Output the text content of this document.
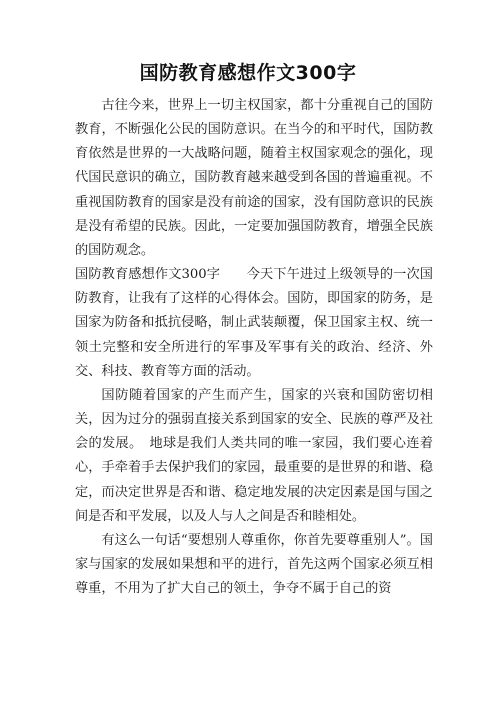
国防教育感想作文300字

古往今来，世界上一切主权国家，都十分重视自己的国防教育，不断强化公民的国防意识。在当今的和平时代，国防教育依然是世界的一大战略问题，随着主权国家观念的强化，现代国民意识的确立，国防教育越来越受到各国的普遍重视。不重视国防教育的国家是没有前途的国家，没有国防意识的民族是没有希望的民族。因此，一定要加强国防教育，增强全民族的国防观念。

国防教育感想作文300字　　今天下午进过上级领导的一次国防教育，让我有了这样的心得体会。国防，即国家的防务，是国家为防备和抵抗侵略，制止武装颠覆，保卫国家主权、统一领土完整和安全所进行的军事及军事有关的政治、经济、外交、科技、教育等方面的活动。

国防随着国家的产生而产生，国家的兴衰和国防密切相关，因为过分的强弱直接关系到国家的安全、民族的尊严及社会的发展。　地球是我们人类共同的唯一家园，我们要心连着心，手牵着手去保护我们的家园，最重要的是世界的和谐、稳定，而决定世界是否和谐、稳定地发展的决定因素是国与国之间是否和平发展，以及人与人之间是否和睦相处。

有这么一句话“要想别人尊重你，你首先要尊重别人”。国家与国家的发展如果想和平的进行，首先这两个国家必须互相尊重，不用为了扩大自己的领土，争夺不属于自己的资
